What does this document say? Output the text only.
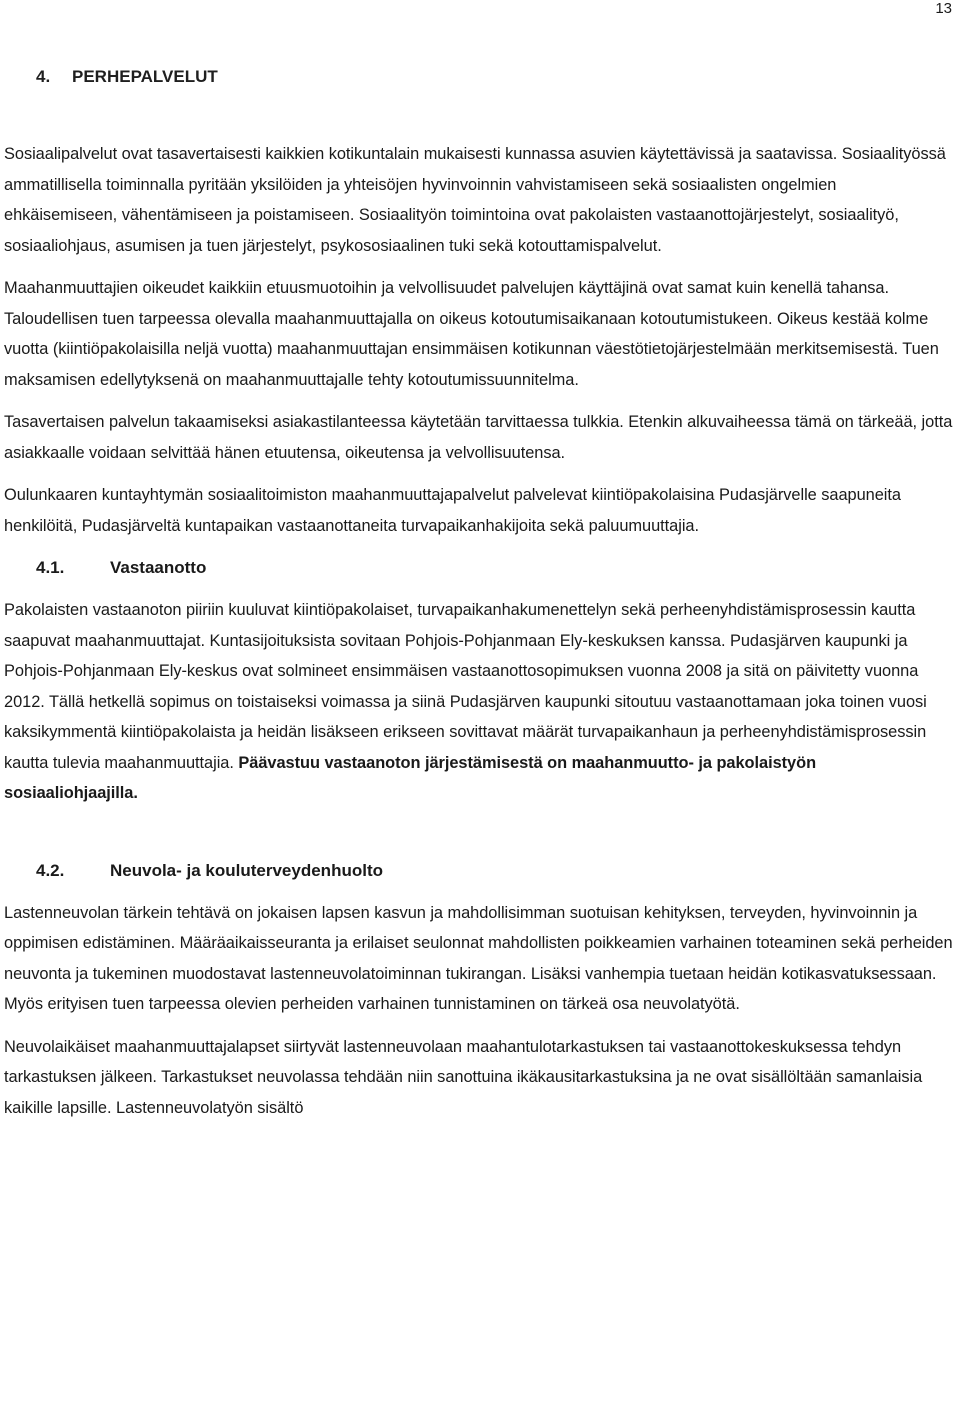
13
4. PERHEPALVELUT

Sosiaalipalvelut ovat tasavertaisesti kaikkien kotikuntalain mukaisesti kunnassa asuvien käytettävissä ja saatavissa. Sosiaalityössä ammatillisella toiminnalla pyritään yksilöiden ja yhteisöjen hyvinvoinnin vahvistamiseen sekä sosiaalisten ongelmien ehkäisemiseen, vähentämiseen ja poistamiseen. Sosiaalityön toimintoina ovat pakolaisten vastaanottojärjestelyt, sosiaalityö, sosiaaliohjaus, asumisen ja tuen järjestelyt, psykososiaalinen tuki sekä kotouttamispalvelut.

Maahanmuuttajien oikeudet kaikkiin etuusmuotoihin ja velvollisuudet palvelujen käyttäjinä ovat samat kuin kenellä tahansa. Taloudellisen tuen tarpeessa olevalla maahanmuuttajalla on oikeus kotoutumisaikanaan kotoutumistukeen. Oikeus kestää kolme vuotta (kiintiöpakolaisilla neljä vuotta) maahanmuuttajan ensimmäisen kotikunnan väestötietojärjestelmään merkitsemisestä. Tuen maksamisen edellytyksenä on maahanmuuttajalle tehty kotoutumissuunnitelma.

Tasavertaisen palvelun takaamiseksi asiakastilanteessa käytetään tarvittaessa tulkkia. Etenkin alkuvaiheessa tämä on tärkeää, jotta asiakkaalle voidaan selvittää hänen etuutensa, oikeutensa ja velvollisuutensa.

Oulunkaaren kuntayhtymän sosiaalitoimiston maahanmuuttajapalvelut palvelevat kiintiöpakolaisina Pudasjärvelle saapuneita henkilöitä, Pudasjärveltä kuntapaikan vastaanottaneita turvapaikanhakijoita sekä paluumuuttajia.

4.1.	Vastaanotto

Pakolaisten vastaanoton piiriin kuuluvat kiintiöpakolaiset, turvapaikanhakumenettelyn sekä perheenyhdistämisprosessin kautta saapuvat maahanmuuttajat. Kuntasijoituksista sovitaan Pohjois-Pohjanmaan Ely-keskuksen kanssa. Pudasjärven kaupunki ja Pohjois-Pohjanmaan Ely-keskus ovat solmineet ensimmäisen vastaanottosopimuksen vuonna 2008 ja sitä on päivitetty vuonna 2012. Tällä hetkellä sopimus on toistaiseksi voimassa ja siinä Pudasjärven kaupunki sitoutuu vastaanottamaan joka toinen vuosi kaksikymmentä kiintiöpakolaista ja heidän lisäkseen erikseen sovittavat määrät turvapaikanhaun ja perheenyhdistämisprosessin kautta tulevia maahanmuuttajia. Päävastuu vastaanoton järjestämisestä on maahanmuutto- ja pakolaistyön sosiaaliohjaajilla.

4.2.	Neuvola- ja kouluterveydenhuolto

Lastenneuvolan tärkein tehtävä on jokaisen lapsen kasvun ja mahdollisimman suotuisan kehityksen, terveyden, hyvinvoinnin ja oppimisen edistäminen. Määräaikaisseuranta ja erilaiset seulonnat mahdollisten poikkeamien varhainen toteaminen sekä perheiden neuvonta ja tukeminen muodostavat lastenneuvolatoiminnan tukirangan. Lisäksi vanhempia tuetaan heidän kotikasvatuksessaan. Myös erityisen tuen tarpeessa olevien perheiden varhainen tunnistaminen on tärkeä osa neuvolatyötä.

Neuvolaikäiset maahanmuuttajalapset siirtyvät lastenneuvolaan maahantulotarkastuksen tai vastaanottokeskuksessa tehdyn tarkastuksen jälkeen. Tarkastukset neuvolassa tehdään niin sanottuina ikäkausitarkastuksina ja ne ovat sisällöltään samanlaisia kaikille lapsille. Lastenneuvolatyön sisältö
